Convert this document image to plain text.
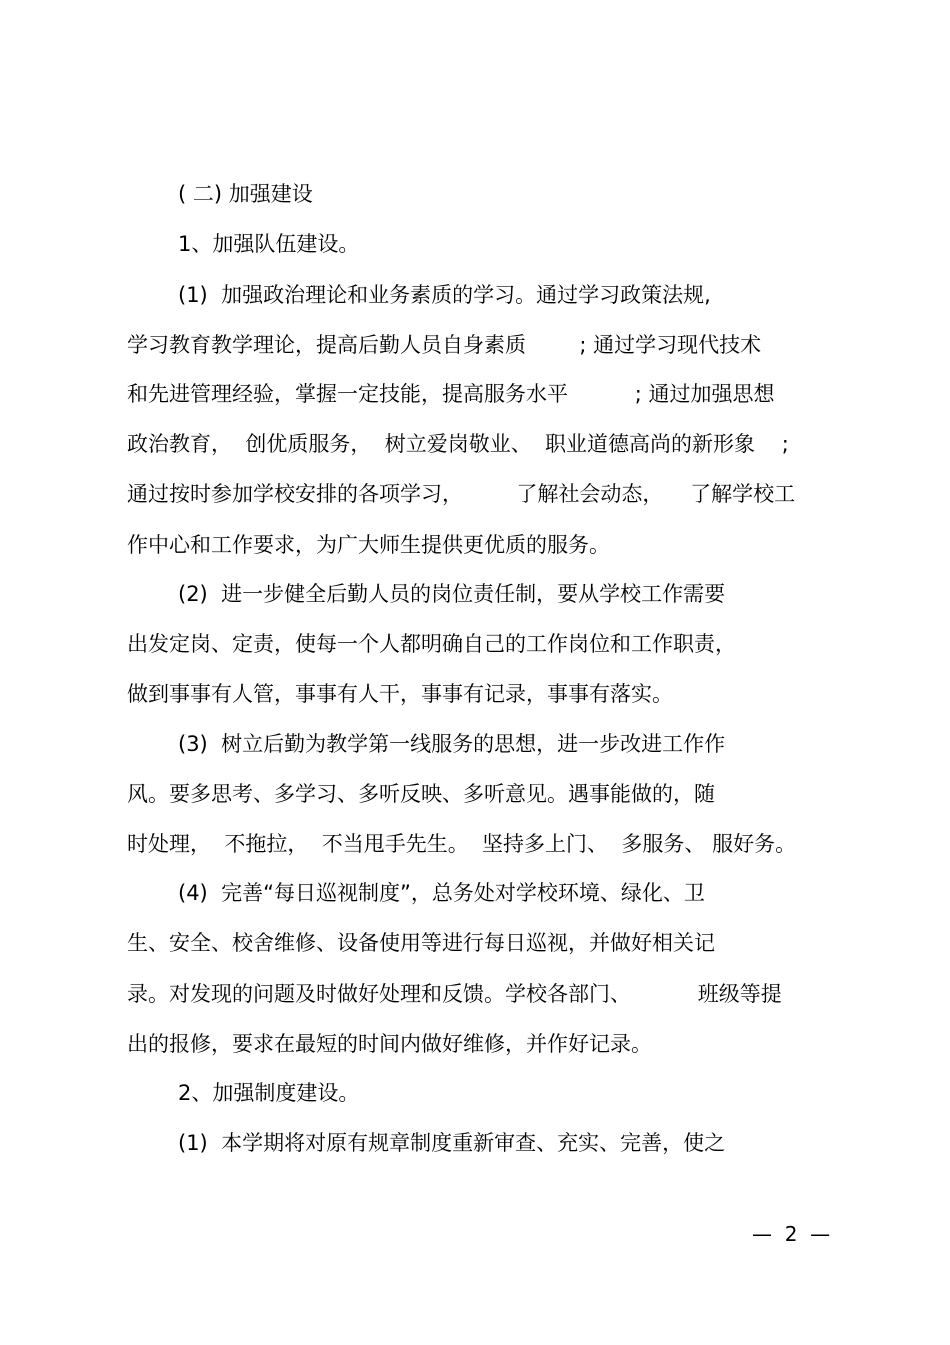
( 二) 加强建设
1、加强队伍建设。
(1)  加强政治理论和业务素质的学习。通过学习政策法规,
学习教育教学理论，提高后勤人员自身素质        ; 通过学习现代技术
和先进管理经验，掌握一定技能，提高服务水平          ; 通过加强思想
政治教育，  创优质服务，  树立爱岗敬业、  职业道德高尚的新形象    ;
通过按时参加学校安排的各项学习，        了解社会动态，    了解学校工
作中心和工作要求，为广大师生提供更优质的服务。
(2)  进一步健全后勤人员的岗位责任制，要从学校工作需要
出发定岗、定责，使每一个人都明确自己的工作岗位和工作职责，
做到事事有人管，事事有人干，事事有记录，事事有落实。
(3)  树立后勤为教学第一线服务的思想，进一步改进工作作
风。要多思考、多学习、多听反映、多听意见。遇事能做的，随
时处理，  不拖拉，  不当甩手先生。  坚持多上门、  多服务、 服好务。
(4)  完善“每日巡视制度”，总务处对学校环境、绿化、卫
生、安全、校舍维修、设备使用等进行每日巡视，并做好相关记
录。对发现的问题及时做好处理和反馈。学校各部门、          班级等提
出的报修，要求在最短的时间内做好维修，并作好记录。
2、加强制度建设。
(1)  本学期将对原有规章制度重新审查、充实、完善，使之
—  2  —
